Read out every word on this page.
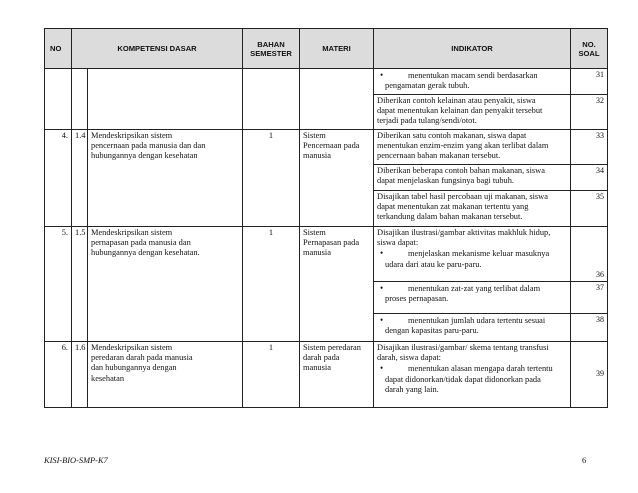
NO	KOMPETENSI DASAR		BAHAN
SEMESTER	MATERI	INDIKATOR	NO.
SOAL
					• menentukan macam sendi berdasarkan

pengamatan gerak tubuh.	31
					Diberikan contoh kelainan atau penyakit, siswa
dapat menentukan kelainan dan penyakit tersebut
terjadi pada tulang/sendi/otot.	32
4.	1.4	Mendeskripsikan sistem
pencernaan pada manusia dan dan
hubungannya dengan kesehatan	1	Sistem
Pencernaan pada
manusia	Diberikan satu contoh makanan, siswa dapat
menentukan enzim-enzim yang akan terlibat dalam
pencernaan bahan makanan tersebut.	33
					Diberikan beberapa contoh bahan makanan, siswa
dapat menjelaskan fungsinya bagi tubuh.	34
					Disajikan tabel hasil percobaan uji makanan, siswa
dapat menentukan zat makanan tertentu yang
terkandung dalam bahan makanan tersebut.	35
5.	1.5	Mendeskripsikan sistem
pernapasan pada manusia dan
hubungannya dengan kesehatan.	1	Sistem
Pernapasan pada
manusia	Disajikan ilustrasi/gambar aktivitas makhluk hidup,
siswa dapat:
• menjelaskan mekanisme keluar masuknya

udara dari atau ke paru-paru.	36
					• menentukan zat-zat yang terlibat dalam

proses pernapasan.	37
					• menentukan jumlah udara tertentu sesuai

dengan kapasitas paru-paru.	38
6.	1.6	Mendeskripsikan sistem
peredaran darah pada manusia
dan hubungannya dengan
kesehatan	1	Sistem peredaran
darah pada
manusia	Disajikan ilustrasi/gambar/ skema tentang transfusi
darah, siswa dapat:
• menentukan alasan mengapa darah tertentu

dapat didonorkan/tidak dapat didonorkan pada
darah yang lain.	39
KISI-BIO-SMP-K7	6
